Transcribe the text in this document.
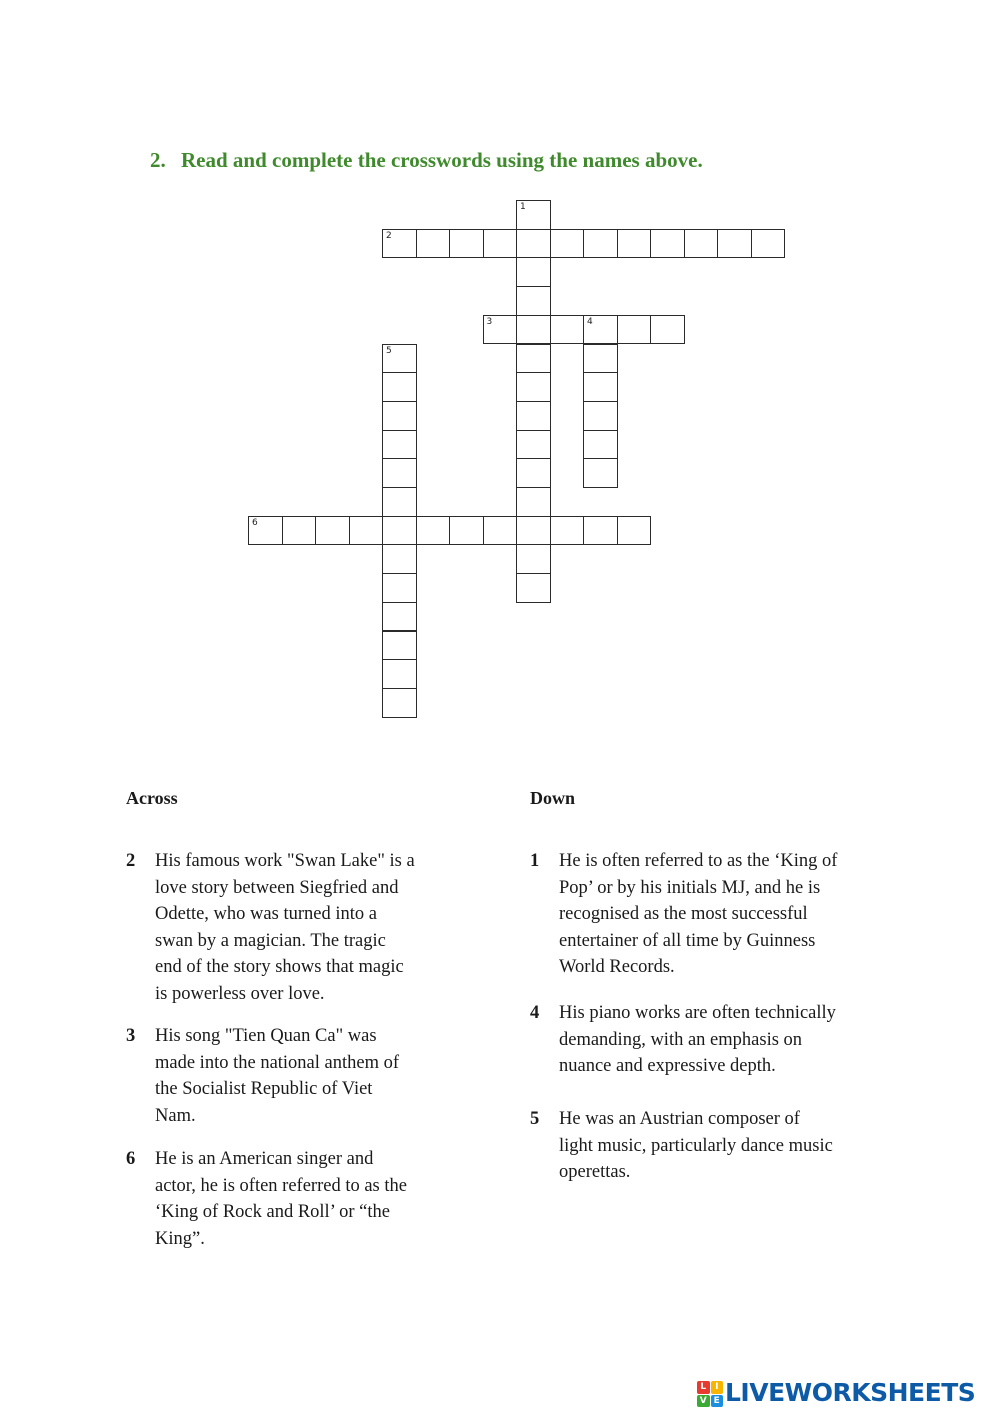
2. Read and complete the crosswords using the names above.
2
3	4
6
1
5
Across
2 His famous work "Swan Lake" is a
love story between Siegfried and
Odette, who was turned into a
swan by a magician. The tragic
end of the story shows that magic
is powerless over love.
3 His song "Tien Quan Ca" was
made into the national anthem of
the Socialist Republic of Viet
Nam.
6 He is an American singer and
actor, he is often referred to as the
‘King of Rock and Roll’ or “the
King”.
Down
1 He is often referred to as the ‘King of
Pop’ or by his initials MJ, and he is
recognised as the most successful
entertainer of all time by Guinness
World Records.
4 His piano works are often technically
demanding, with an emphasis on
nuance and expressive depth.
5 He was an Austrian composer of
light music, particularly dance music
operettas.
L I
V E LIVEWORKSHEETS
